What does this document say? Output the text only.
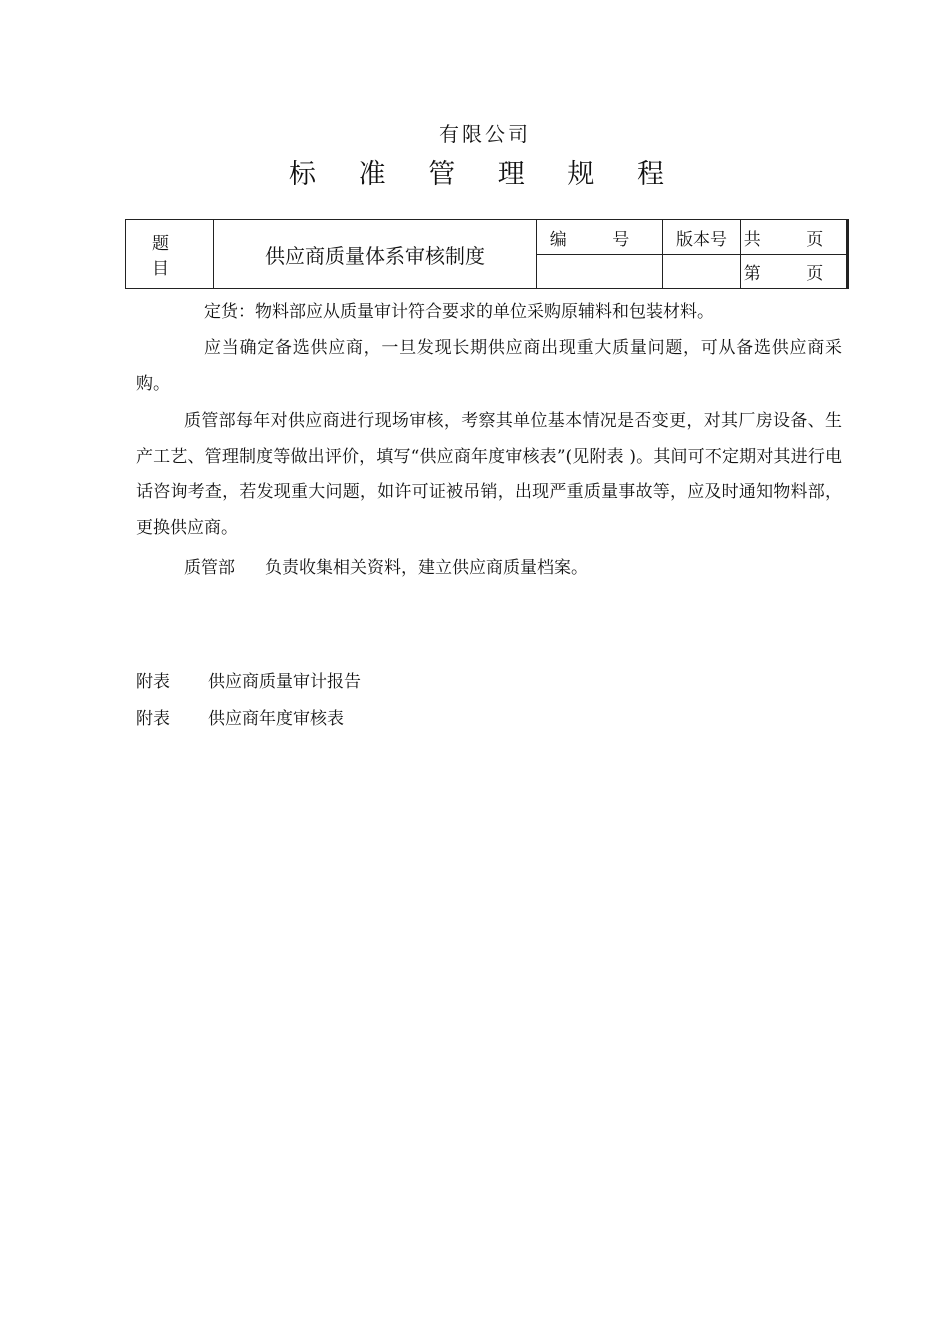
有限公司
标 准 管 理 规 程
题 目	供应商质量体系审核制度	编 号	版本号	共 页
				第 页
定货：物料部应从质量审计符合要求的单位采购原辅料和包装材料。
应当确定备选供应商，一旦发现长期供应商出现重大质量问题，可从备选供应商采购。
质管部每年对供应商进行现场审核，考察其单位基本情况是否变更，对其厂房设备、生产工艺、管理制度等做出评价，填写“供应商年度审核表”(见附表 )。其间可不定期对其进行电话咨询考查，若发现重大问题，如许可证被吊销，出现严重质量事故等，应及时通知物料部，更换供应商。
质管部 负责收集相关资料，建立供应商质量档案。
附表 供应商质量审计报告
附表 供应商年度审核表
